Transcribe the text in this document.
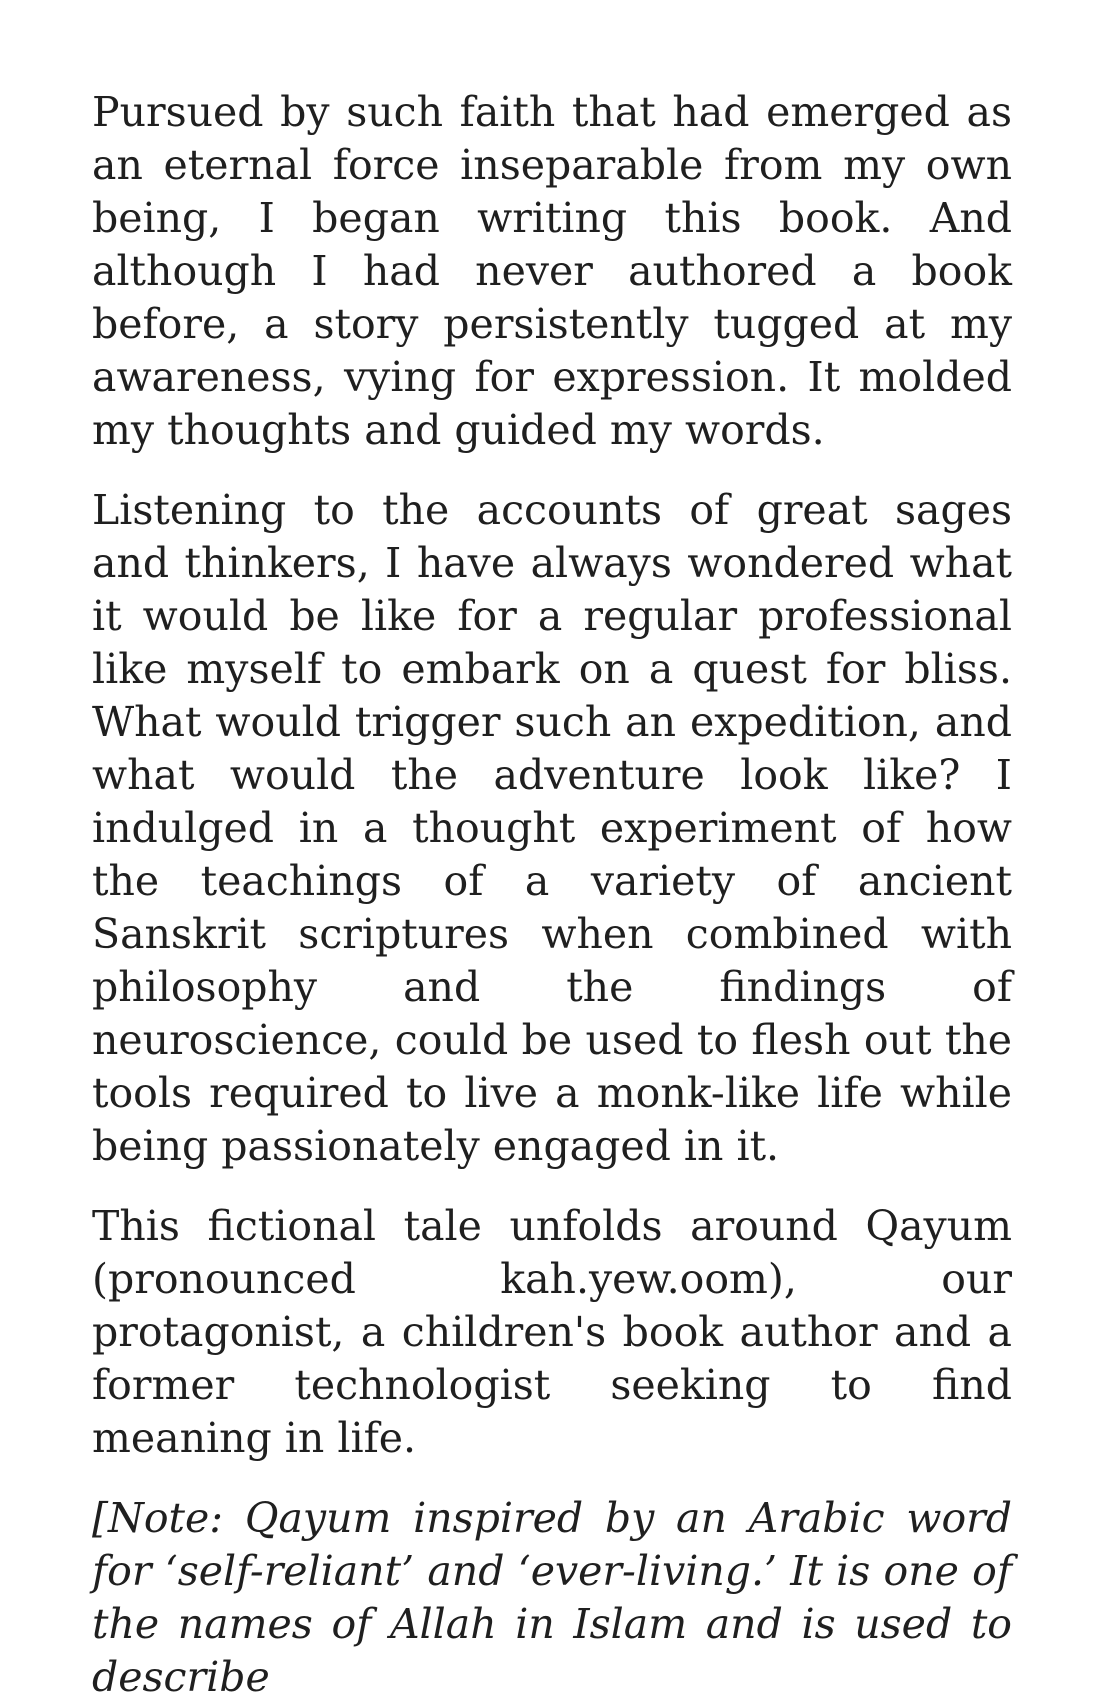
Pursued by such faith that had emerged as an eternal force inseparable from my own being, I began writing this book. And although I had never authored a book before, a story persistently tugged at my awareness, vying for expression. It molded my thoughts and guided my words.

Listening to the accounts of great sages and thinkers, I have always wondered what it would be like for a regular professional like myself to embark on a quest for bliss. What would trigger such an expedition, and what would the adventure look like? I indulged in a thought experiment of how the teachings of a variety of ancient Sanskrit scriptures when combined with philosophy and the findings of neuroscience, could be used to flesh out the tools required to live a monk-like life while being passionately engaged in it.

This fictional tale unfolds around Qayum (pronounced kah.yew.oom), our protagonist, a children's book author and a former technologist seeking to find meaning in life.

[Note: Qayum inspired by an Arabic word for ‘self-reliant’ and ‘ever-living.’ It is one of the names of Allah in Islam and is used to describe
